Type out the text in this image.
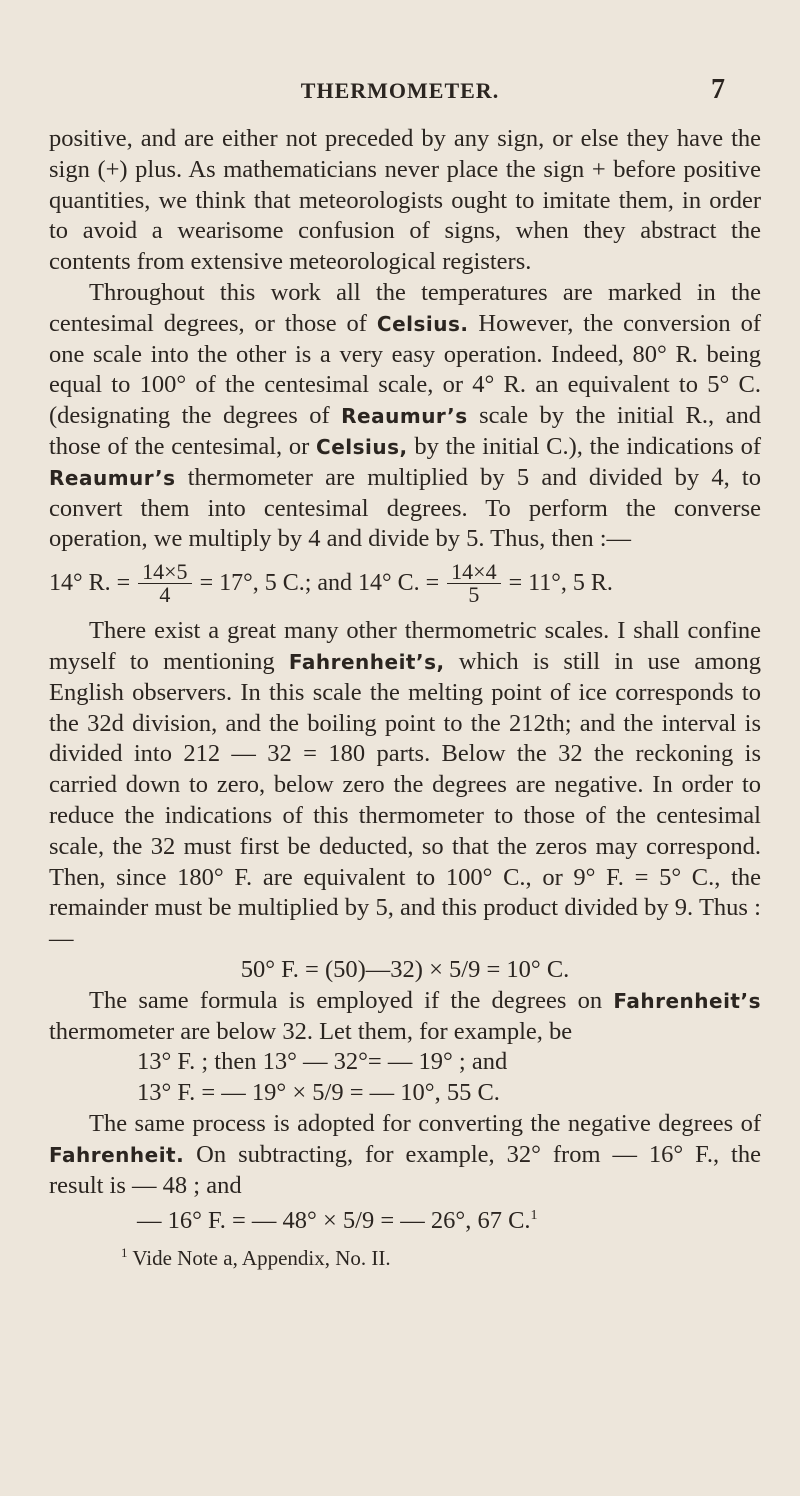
THERMOMETER.	7

positive, and are either not preceded by any sign, or else they have the sign (+) plus. As mathematicians never place the sign + before positive quantities, we think that meteorologists ought to imitate them, in order to avoid a wearisome confusion of signs, when they abstract the contents from extensive meteorological registers.

Throughout this work all the temperatures are marked in the centesimal degrees, or those of Celsius. However, the conversion of one scale into the other is a very easy operation. Indeed, 80° R. being equal to 100° of the centesimal scale, or 4° R. an equivalent to 5° C. (designating the degrees of Reaumur’s scale by the initial R., and those of the centesimal, or Celsius, by the initial C.), the indications of Reaumur’s thermometer are multiplied by 5 and divided by 4, to convert them into centesimal degrees. To perform the converse operation, we multiply by 4 and divide by 5. Thus, then :—

14° R. = $\frac{14\times 5}{4} = 17^\circ$, 5 C.; and 14° C. = $\frac{14\times 4}{5} = 11^\circ$, 5 R.

There exist a great many other thermometric scales. I shall confine myself to mentioning Fahrenheit’s, which is still in use among English observers. In this scale the melting point of ice corresponds to the 32d division, and the boiling point to the 212th; and the interval is divided into 212 — 32 = 180 parts. Below the 32 the reckoning is carried down to zero, below zero the degrees are negative. In order to reduce the indications of this thermometer to those of the centesimal scale, the 32 must first be deducted, so that the zeros may correspond. Then, since 180° F. are equivalent to 100° C., or 9° F. = 5° C., the remainder must be multiplied by 5, and this product divided by 9. Thus :—

50° F. = (50)—32) × 5/9 = 10° C.

The same formula is employed if the degrees on Fahrenheit’s thermometer are below 32. Let them, for example, be

13° F. ; then 13° — 32°= — 19° ; and
13° F. = — 19° × 5/9 = — 10°, 55 C.

The same process is adopted for converting the negative degrees of Fahrenheit. On subtracting, for example, 32° from — 16° F., the result is — 48 ; and

— 16° F. = — 48° × 5/9 = — 26°, 67 C.$^1$
$^1$ Vide Note a, Appendix, No. II.
